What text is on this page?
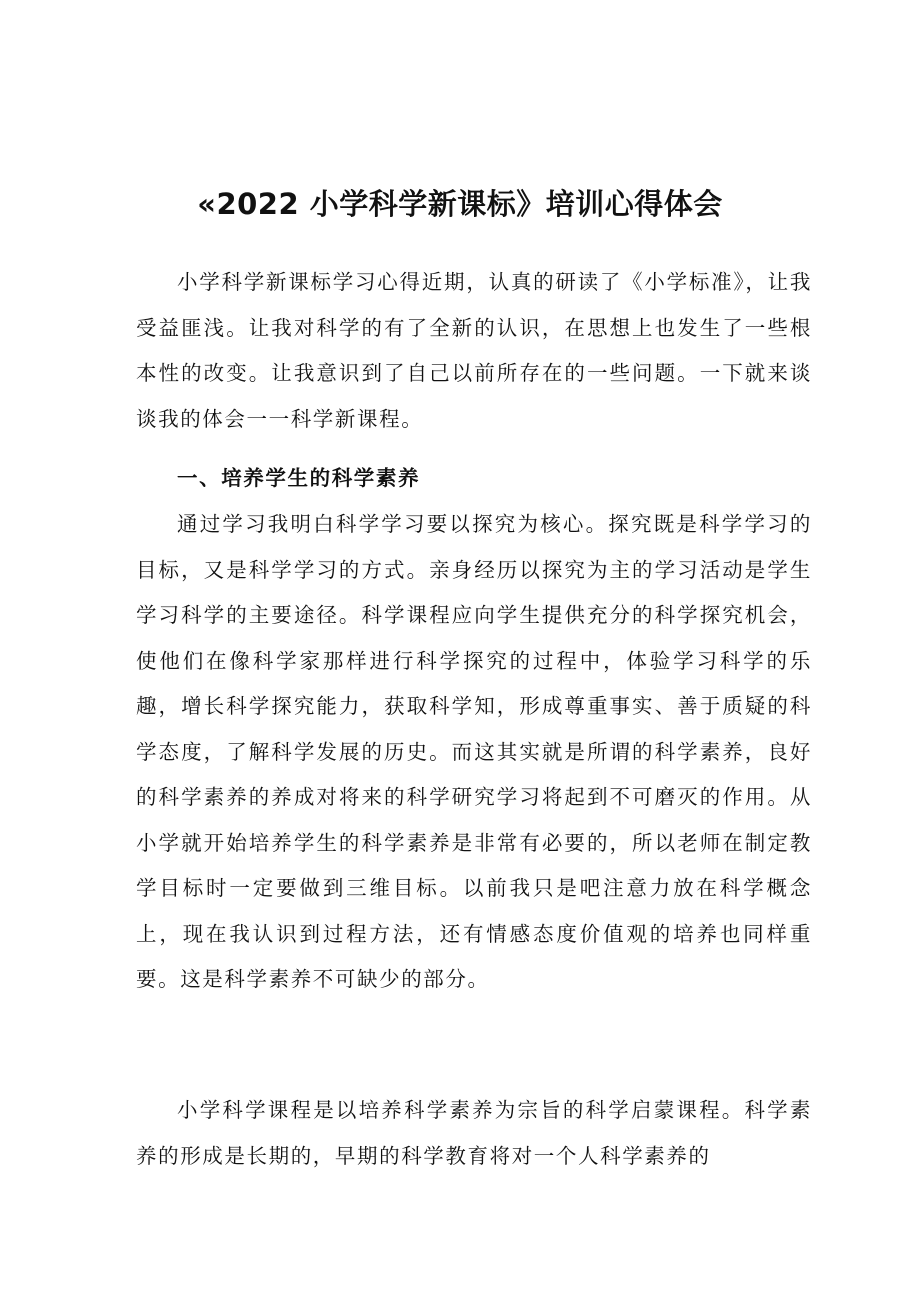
«2022 小学科学新课标》培训心得体会

小学科学新课标学习心得近期，认真的研读了《小学标准》，让我受益匪浅。让我对科学的有了全新的认识，在思想上也发生了一些根本性的改变。让我意识到了自己以前所存在的一些问题。一下就来谈谈我的体会一一科学新课程。

一、培养学生的科学素养

通过学习我明白科学学习要以探究为核心。探究既是科学学习的目标，又是科学学习的方式。亲身经历以探究为主的学习活动是学生学习科学的主要途径。科学课程应向学生提供充分的科学探究机会，使他们在像科学家那样进行科学探究的过程中，体验学习科学的乐趣，增长科学探究能力，获取科学知，形成尊重事实、善于质疑的科学态度，了解科学发展的历史。而这其实就是所谓的科学素养，良好的科学素养的养成对将来的科学研究学习将起到不可磨灭的作用。从小学就开始培养学生的科学素养是非常有必要的，所以老师在制定教学目标时一定要做到三维目标。以前我只是吧注意力放在科学概念上，现在我认识到过程方法，还有情感态度价值观的培养也同样重要。这是科学素养不可缺少的部分。

小学科学课程是以培养科学素养为宗旨的科学启蒙课程。科学素养的形成是长期的，早期的科学教育将对一个人科学素养的
